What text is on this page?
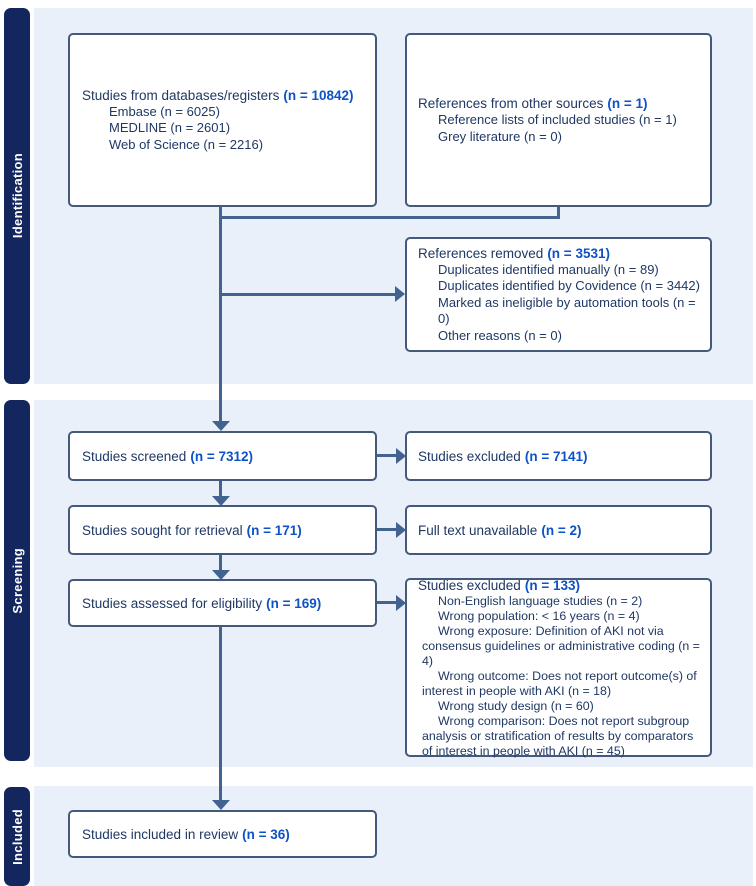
Identification
Screening
Included
Studies from databases/registers (n = 10842)
Embase (n = 6025)
MEDLINE (n = 2601)
Web of Science (n = 2216)
References from other sources (n = 1)
Reference lists of included studies (n = 1)
Grey literature (n = 0)
References removed (n = 3531)
Duplicates identified manually (n = 89)
Duplicates identified by Covidence (n = 3442)
Marked as ineligible by automation tools (n = 0)
Other reasons (n = 0)
Studies screened (n = 7312)	Studies excluded (n = 7141)
Studies sought for retrieval (n = 171)	Full text unavailable (n = 2)
Studies assessed for eligibility (n = 169)
Studies excluded (n = 133)
Non-English language studies (n = 2)
Wrong population: < 16 years (n = 4)
Wrong exposure: Definition of AKI not via consensus guidelines or administrative coding (n = 4)
Wrong outcome: Does not report outcome(s) of interest in people with AKI (n = 18)
Wrong study design (n = 60)
Wrong comparison: Does not report subgroup analysis or stratification of results by comparators of interest in people with AKI (n = 45)
Studies included in review (n = 36)
